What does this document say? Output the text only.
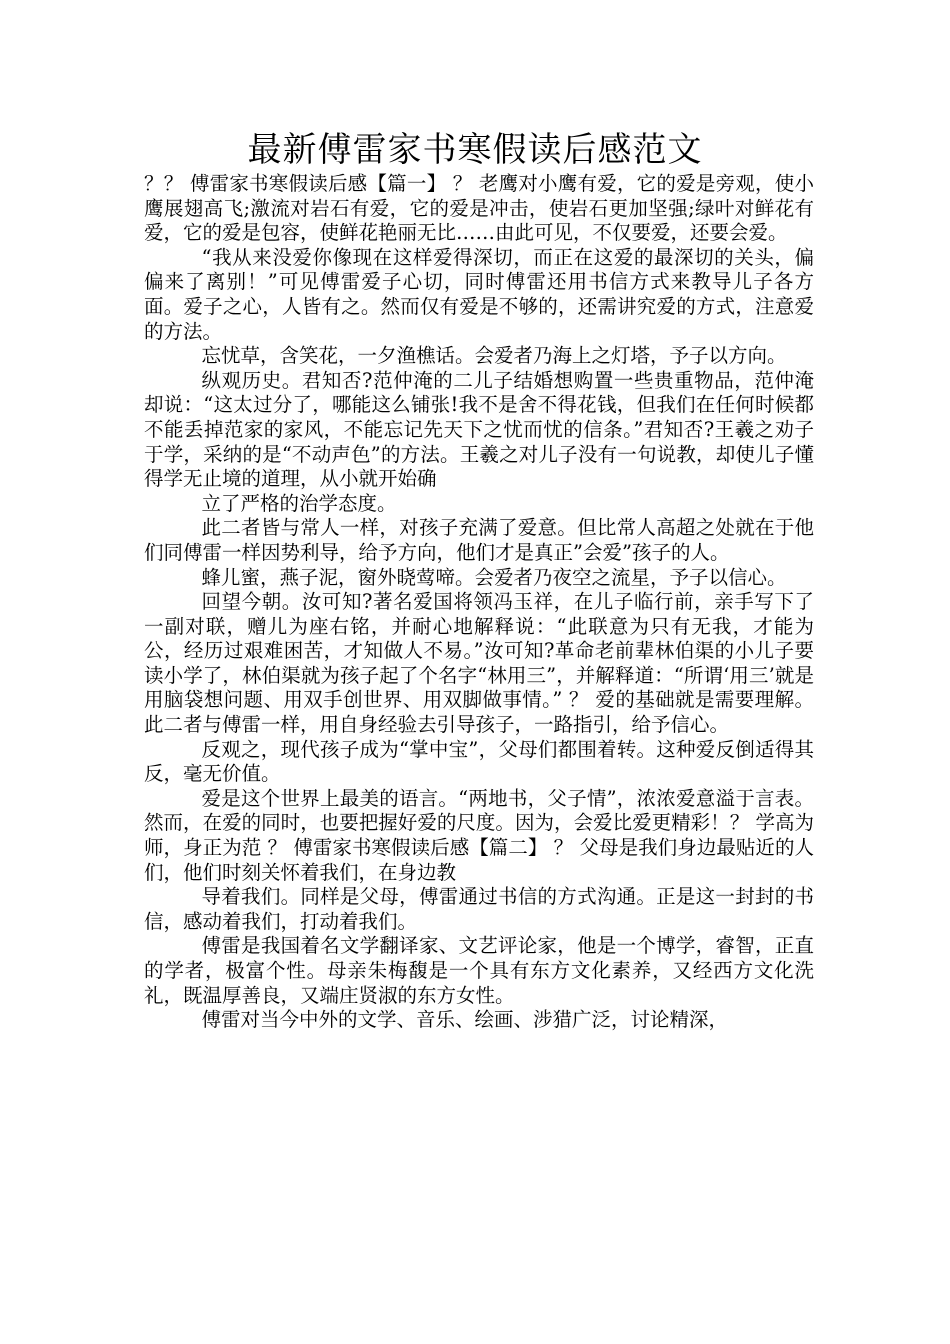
最新傅雷家书寒假读后感范文

？？ 傅雷家书寒假读后感【篇一】 ？ 老鹰对小鹰有爱，它的爱是旁观，使小鹰展翅高飞;激流对岩石有爱，它的爱是冲击，使岩石更加坚强;绿叶对鲜花有爱，它的爱是包容，使鲜花艳丽无比……由此可见，不仅要爱，还要会爱。

“我从来没爱你像现在这样爱得深切，而正在这爱的最深切的关头，偏偏来了离别！”可见傅雷爱子心切，同时傅雷还用书信方式来教导儿子各方面。爱子之心，人皆有之。然而仅有爱是不够的，还需讲究爱的方式，注意爱的方法。

忘忧草，含笑花，一夕渔樵话。会爱者乃海上之灯塔，予子以方向。

纵观历史。君知否?范仲淹的二儿子结婚想购置一些贵重物品，范仲淹却说：“这太过分了，哪能这么铺张!我不是舍不得花钱，但我们在任何时候都不能丢掉范家的家风，不能忘记先天下之忧而忧的信条。”君知否?王羲之劝子于学，采纳的是“不动声色”的方法。王羲之对儿子没有一句说教，却使儿子懂得学无止境的道理，从小就开始确

立了严格的治学态度。

此二者皆与常人一样，对孩子充满了爱意。但比常人高超之处就在于他们同傅雷一样因势利导，给予方向，他们才是真正”会爱”孩子的人。

蜂儿蜜，燕子泥，窗外晓莺啼。会爱者乃夜空之流星，予子以信心。

回望今朝。汝可知?著名爱国将领冯玉祥，在儿子临行前，亲手写下了一副对联，赠儿为座右铭，并耐心地解释说：“此联意为只有无我，才能为公，经历过艰难困苦，才知做人不易。”汝可知?革命老前辈林伯渠的小儿子要读小学了，林伯渠就为孩子起了个名字“林用三”，并解释道：“所谓‘用三’就是用脑袋想问题、用双手创世界、用双脚做事情。” ？ 爱的基础就是需要理解。此二者与傅雷一样，用自身经验去引导孩子，一路指引，给予信心。

反观之，现代孩子成为“掌中宝”，父母们都围着转。这种爱反倒适得其反，毫无价值。

爱是这个世界上最美的语言。“两地书，父子情”，浓浓爱意溢于言表。然而，在爱的同时，也要把握好爱的尺度。因为，会爱比爱更精彩！？ 学高为师，身正为范 ？ 傅雷家书寒假读后感【篇二】 ？ 父母是我们身边最贴近的人们，他们时刻关怀着我们，在身边教

导着我们。同样是父母，傅雷通过书信的方式沟通。正是这一封封的书信，感动着我们，打动着我们。

傅雷是我国着名文学翻译家、文艺评论家，他是一个博学，睿智，正直的学者，极富个性。母亲朱梅馥是一个具有东方文化素养，又经西方文化洗礼，既温厚善良，又端庄贤淑的东方女性。

傅雷对当今中外的文学、音乐、绘画、涉猎广泛，讨论精深，
